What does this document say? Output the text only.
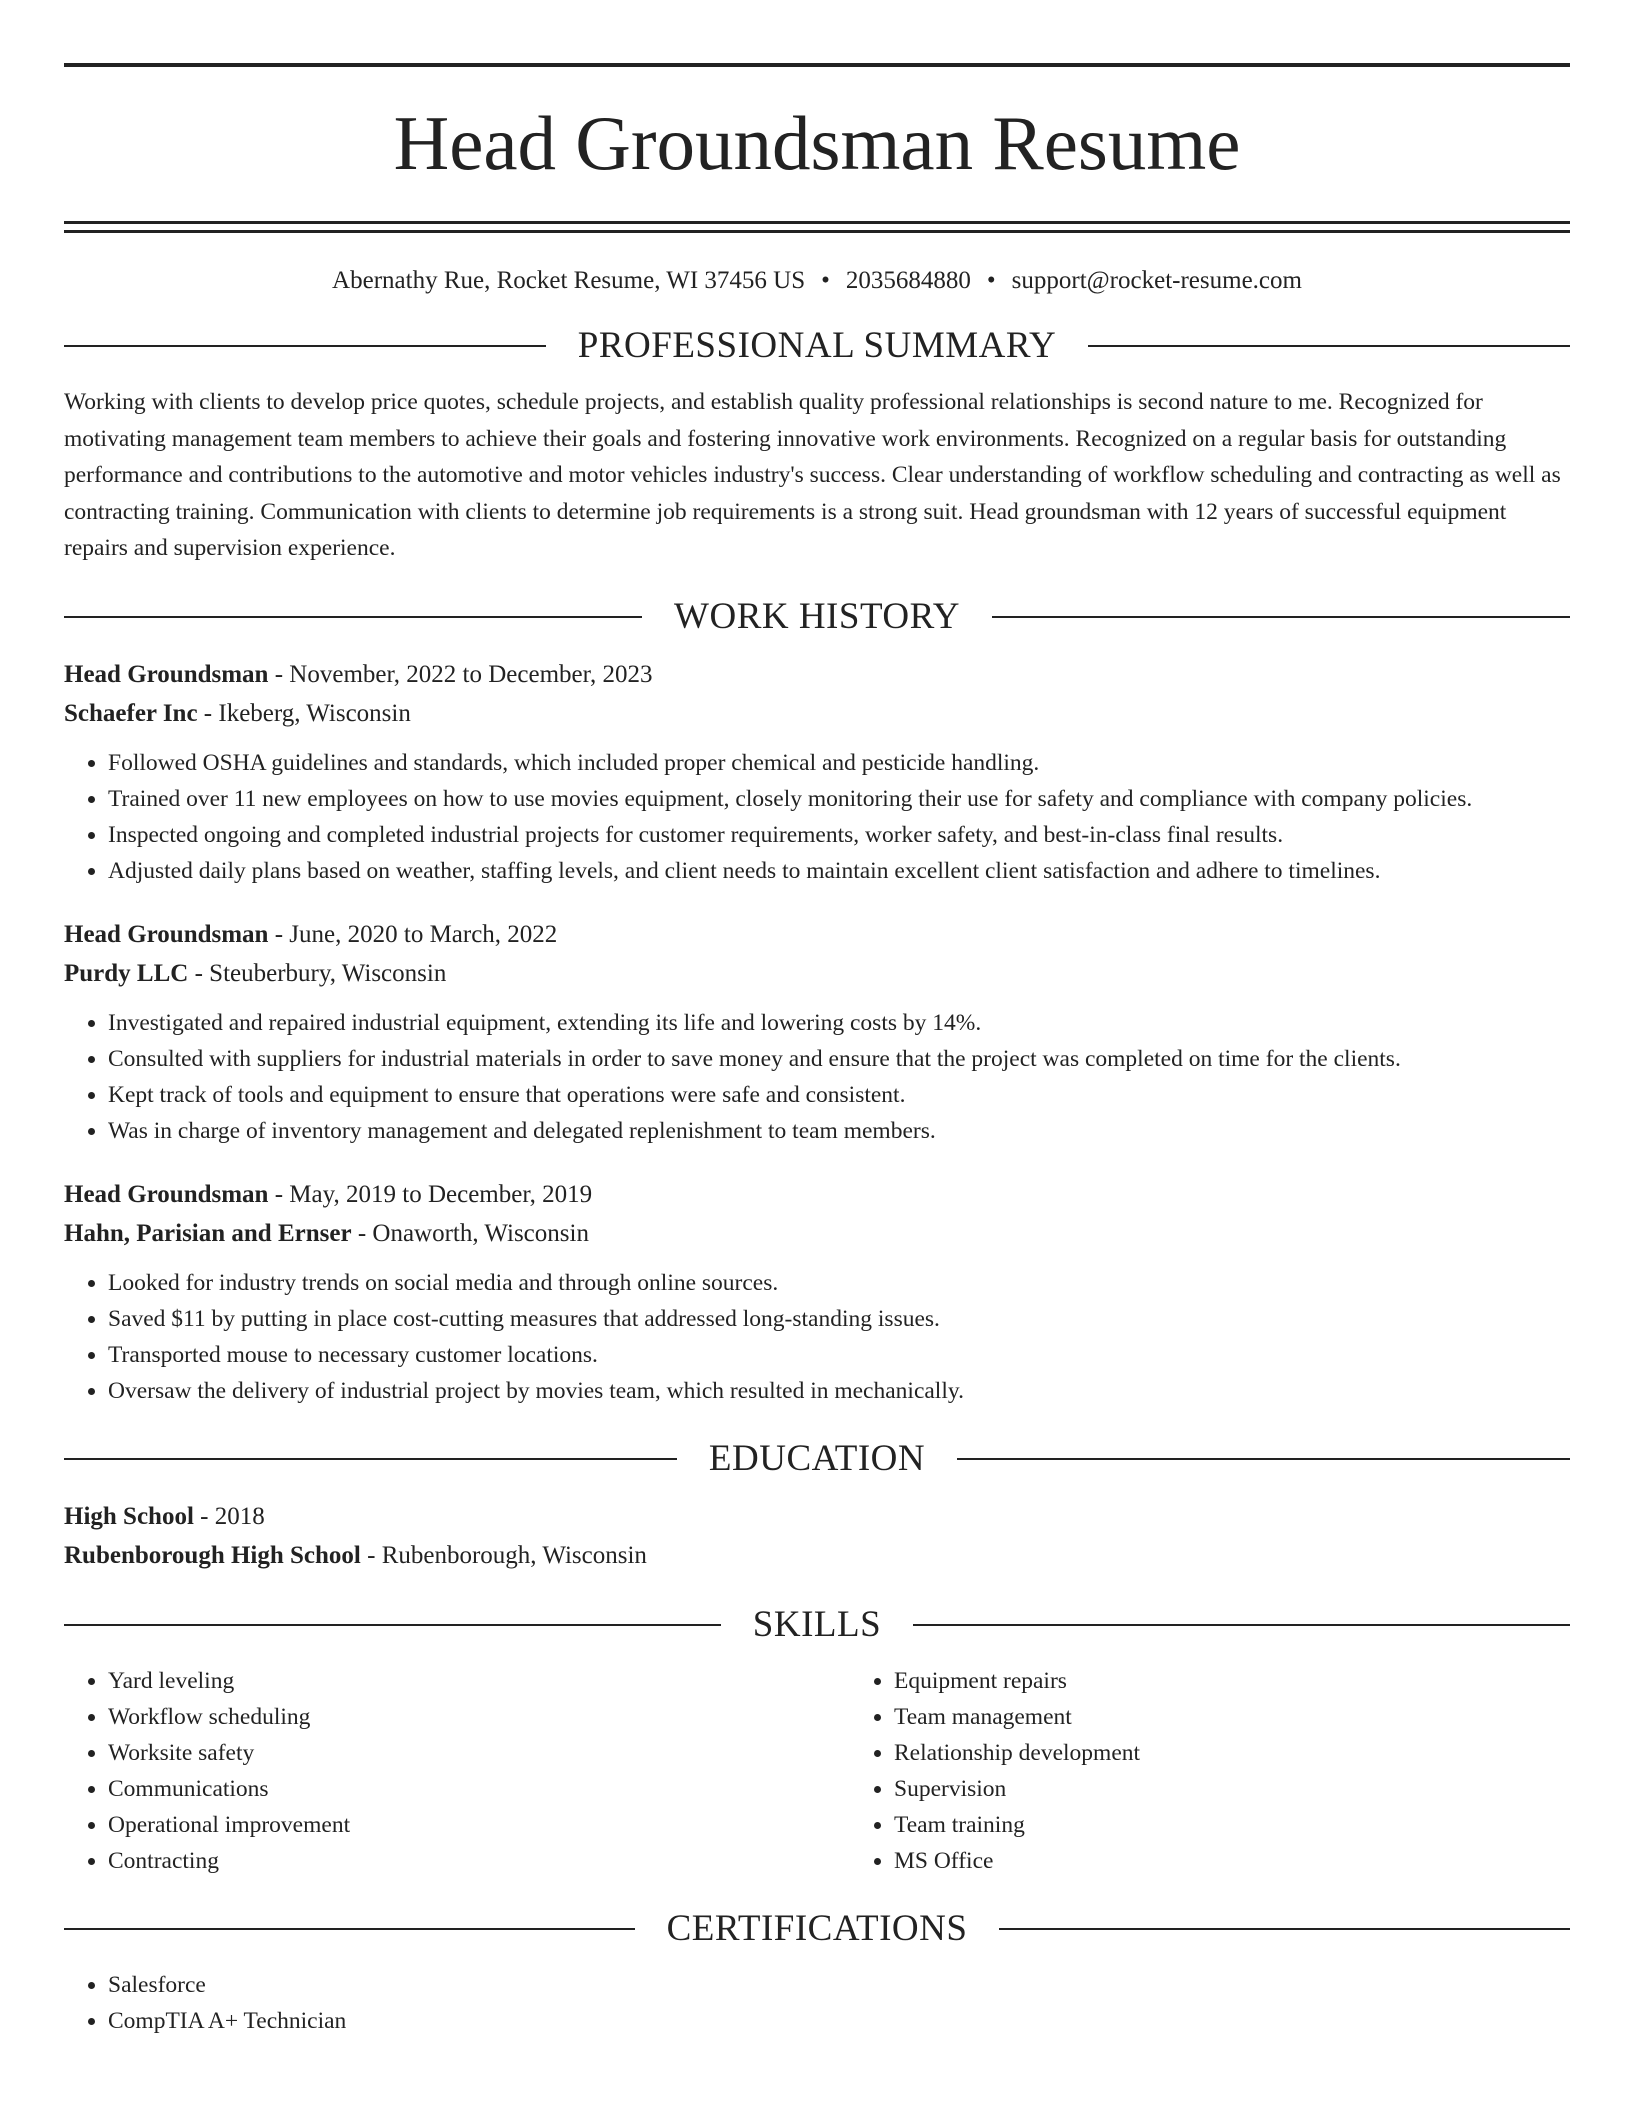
Head Groundsman Resume
Abernathy Rue, Rocket Resume, WI 37456 US • 2035684880 • support@rocket-resume.com
PROFESSIONAL SUMMARY

Working with clients to develop price quotes, schedule projects, and establish quality professional relationships is second nature to me. Recognized for motivating management team members to achieve their goals and fostering innovative work environments. Recognized on a regular basis for outstanding performance and contributions to the automotive and motor vehicles industry's success. Clear understanding of workflow scheduling and contracting as well as contracting training. Communication with clients to determine job requirements is a strong suit. Head groundsman with 12 years of successful equipment repairs and supervision experience.

WORK HISTORY
Head Groundsman - November, 2022 to December, 2023
Schaefer Inc - Ikeberg, Wisconsin
• Followed OSHA guidelines and standards, which included proper chemical and pesticide handling.
• Trained over 11 new employees on how to use movies equipment, closely monitoring their use for safety and compliance with company policies.
• Inspected ongoing and completed industrial projects for customer requirements, worker safety, and best-in-class final results.
• Adjusted daily plans based on weather, staffing levels, and client needs to maintain excellent client satisfaction and adhere to timelines.
Head Groundsman - June, 2020 to March, 2022
Purdy LLC - Steuberbury, Wisconsin
• Investigated and repaired industrial equipment, extending its life and lowering costs by 14%.
• Consulted with suppliers for industrial materials in order to save money and ensure that the project was completed on time for the clients.
• Kept track of tools and equipment to ensure that operations were safe and consistent.
• Was in charge of inventory management and delegated replenishment to team members.
Head Groundsman - May, 2019 to December, 2019
Hahn, Parisian and Ernser - Onaworth, Wisconsin
• Looked for industry trends on social media and through online sources.
• Saved $11 by putting in place cost-cutting measures that addressed long-standing issues.
• Transported mouse to necessary customer locations.
• Oversaw the delivery of industrial project by movies team, which resulted in mechanically.
EDUCATION
High School - 2018
Rubenborough High School - Rubenborough, Wisconsin
SKILLS
• Yard leveling
• Workflow scheduling
• Worksite safety
• Communications
• Operational improvement
• Contracting
• Equipment repairs
• Team management
• Relationship development
• Supervision
• Team training
• MS Office
CERTIFICATIONS
• Salesforce
• CompTIA A+ Technician
